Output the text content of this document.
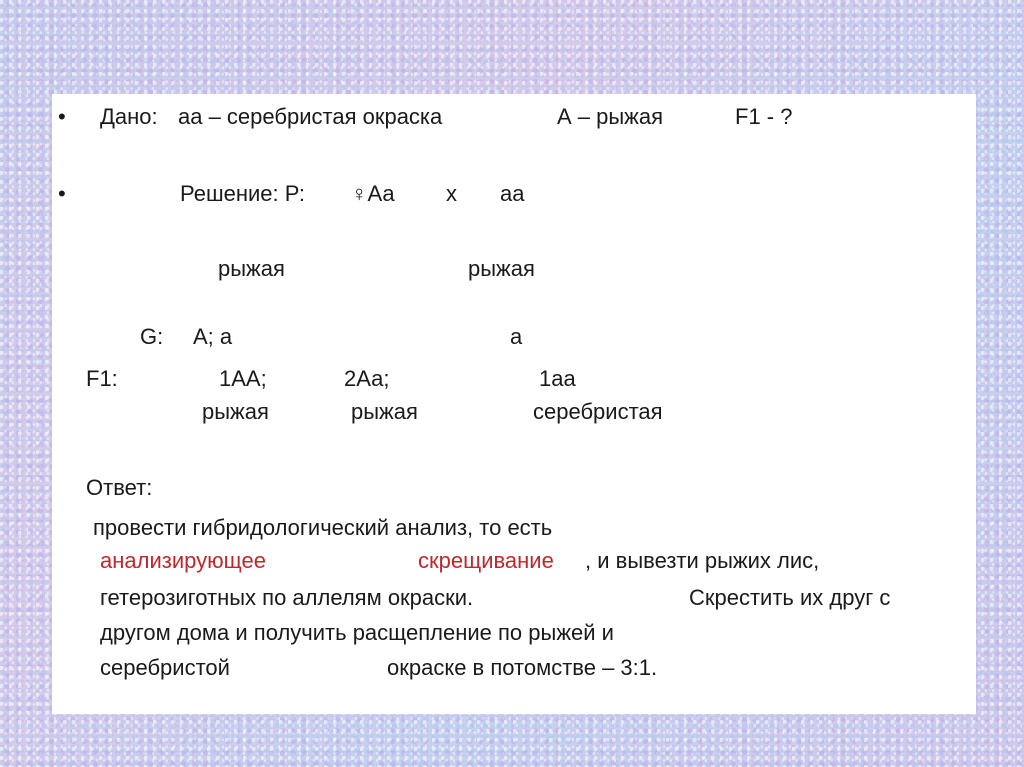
• Дано: аа – серебристая окраска	А – рыжая	F1 - ?
•	Решение: Р: ♀Аа х аа
рыжая	рыжая
G: А; а	а
F1:	1АА;	2Аа;	1аа
рыжая	рыжая	серебристая
Ответ:
провести гибридологический анализ, то есть
анализирующее	скрещивание , и вывезти рыжих лис,
гетерозиготных по аллелям окраски.	Скрестить их друг с
другом дома и получить расщепление по рыжей и
серебристой	окраске в потомстве – 3:1.
